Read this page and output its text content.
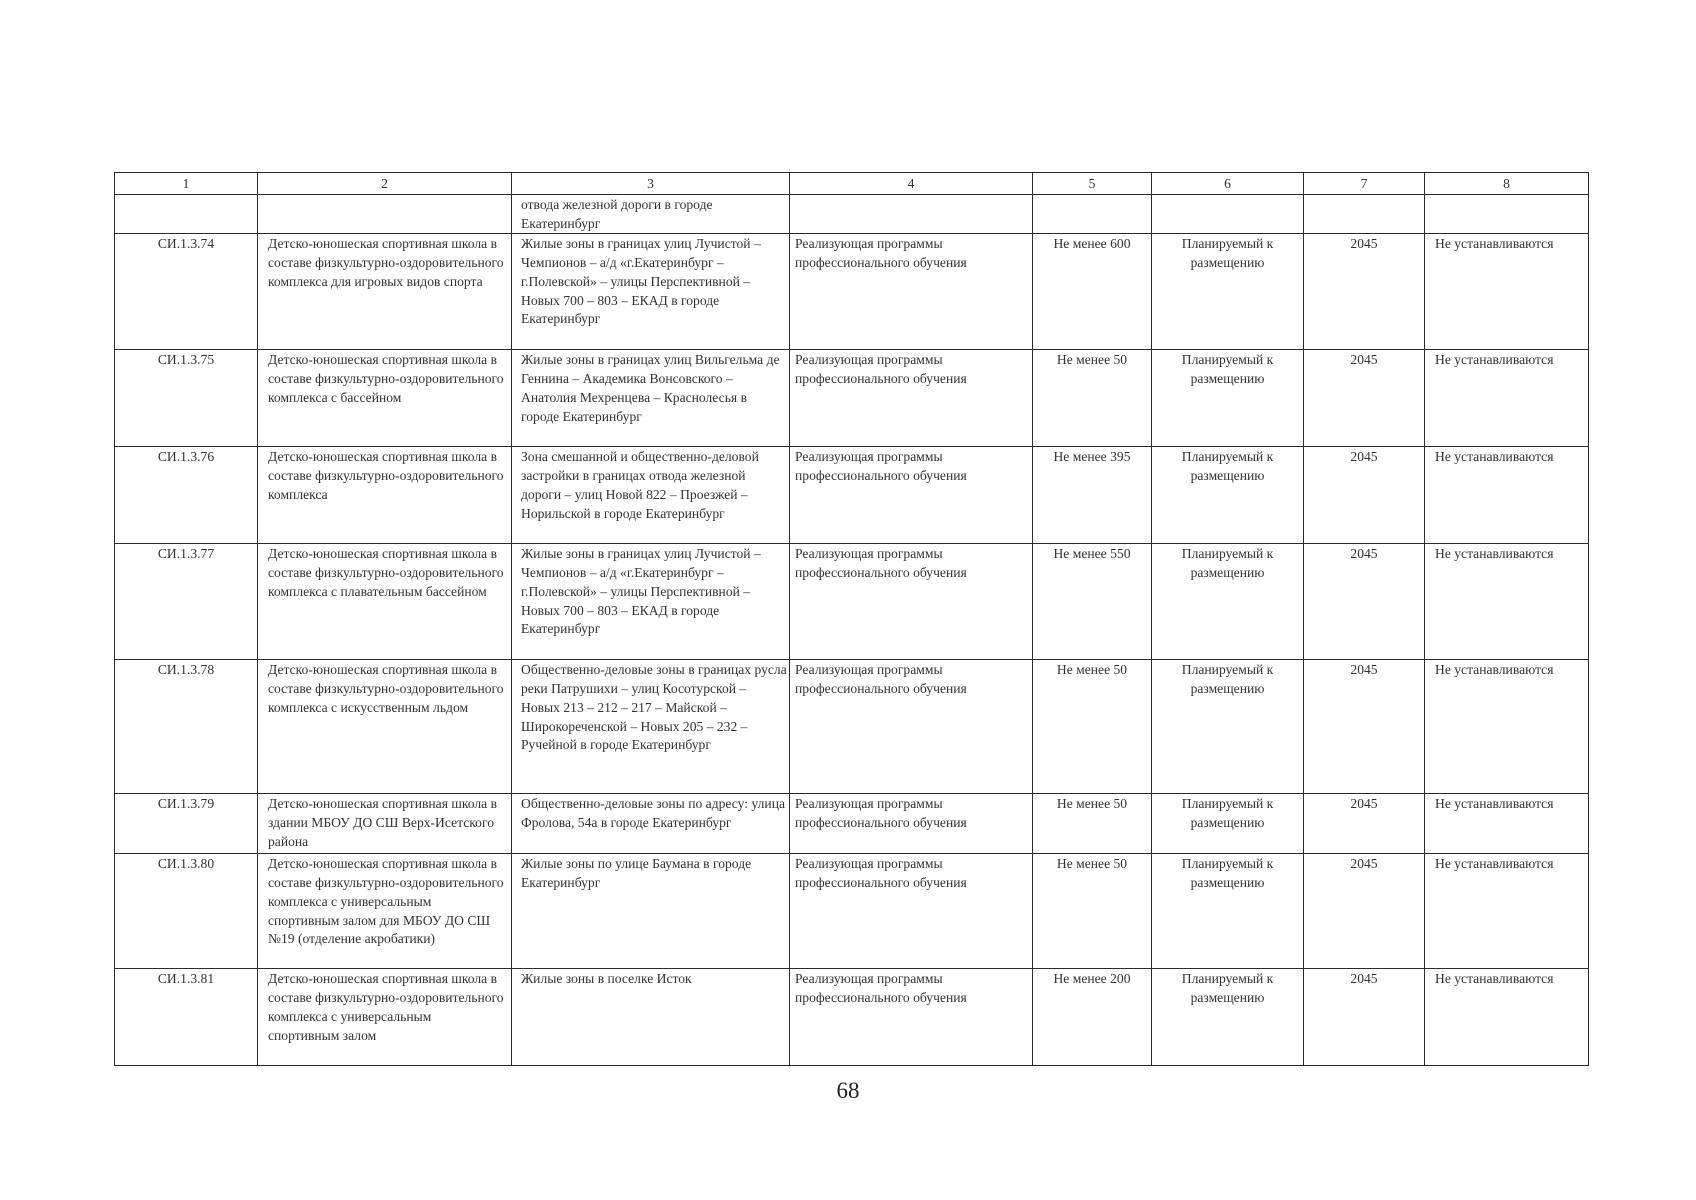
1	2	3	4	5	6	7	8
		отвода железной дороги в городе Екатеринбург					
СИ.1.3.74	Детско-юношеская спортивная школа в составе физкультурно-оздоровительного комплекса для игровых видов спорта	Жилые зоны в границах улиц Лучистой – Чемпионов – а/д «г.Екатеринбург – г.Полевской» – улицы Перспективной – Новых 700 – 803 – ЕКАД в городе Екатеринбург	Реализующая программы профессионального обучения	Не менее 600	Планируемый к размещению	2045	Не устанавливаются
СИ.1.3.75	Детско-юношеская спортивная школа в составе физкультурно-оздоровительного комплекса с бассейном	Жилые зоны в границах улиц Вильгельма де Геннина – Академика Вонсовского – Анатолия Мехренцева – Краснолесья в городе Екатеринбург	Реализующая программы профессионального обучения	Не менее 50	Планируемый к размещению	2045	Не устанавливаются
СИ.1.3.76	Детско-юношеская спортивная школа в составе физкультурно-оздоровительного комплекса	Зона смешанной и общественно-деловой застройки в границах отвода железной дороги – улиц Новой 822 – Проезжей – Норильской в городе Екатеринбург	Реализующая программы профессионального обучения	Не менее 395	Планируемый к размещению	2045	Не устанавливаются
СИ.1.3.77	Детско-юношеская спортивная школа в составе физкультурно-оздоровительного комплекса с плавательным бассейном	Жилые зоны в границах улиц Лучистой – Чемпионов – а/д «г.Екатеринбург – г.Полевской» – улицы Перспективной – Новых 700 – 803 – ЕКАД в городе Екатеринбург	Реализующая программы профессионального обучения	Не менее 550	Планируемый к размещению	2045	Не устанавливаются
СИ.1.3.78	Детско-юношеская спортивная школа в составе физкультурно-оздоровительного комплекса с искусственным льдом	Общественно-деловые зоны в границах русла реки Патрушихи – улиц Косотурской – Новых 213 – 212 – 217 – Майской – Широкореченской – Новых 205 – 232 – Ручейной в городе Екатеринбург	Реализующая программы профессионального обучения	Не менее 50	Планируемый к размещению	2045	Не устанавливаются
СИ.1.3.79	Детско-юношеская спортивная школа в здании МБОУ ДО СШ Верх-Исетского района	Общественно-деловые зоны по адресу: улица Фролова, 54а в городе Екатеринбург	Реализующая программы профессионального обучения	Не менее 50	Планируемый к размещению	2045	Не устанавливаются
СИ.1.3.80	Детско-юношеская спортивная школа в составе физкультурно-оздоровительного комплекса с универсальным спортивным залом для МБОУ ДО СШ №19 (отделение акробатики)	Жилые зоны по улице Баумана в городе Екатеринбург	Реализующая программы профессионального обучения	Не менее 50	Планируемый к размещению	2045	Не устанавливаются
СИ.1.3.81	Детско-юношеская спортивная школа в составе физкультурно-оздоровительного комплекса с универсальным спортивным залом	Жилые зоны в поселке Исток	Реализующая программы профессионального обучения	Не менее 200	Планируемый к размещению	2045	Не устанавливаются
68
